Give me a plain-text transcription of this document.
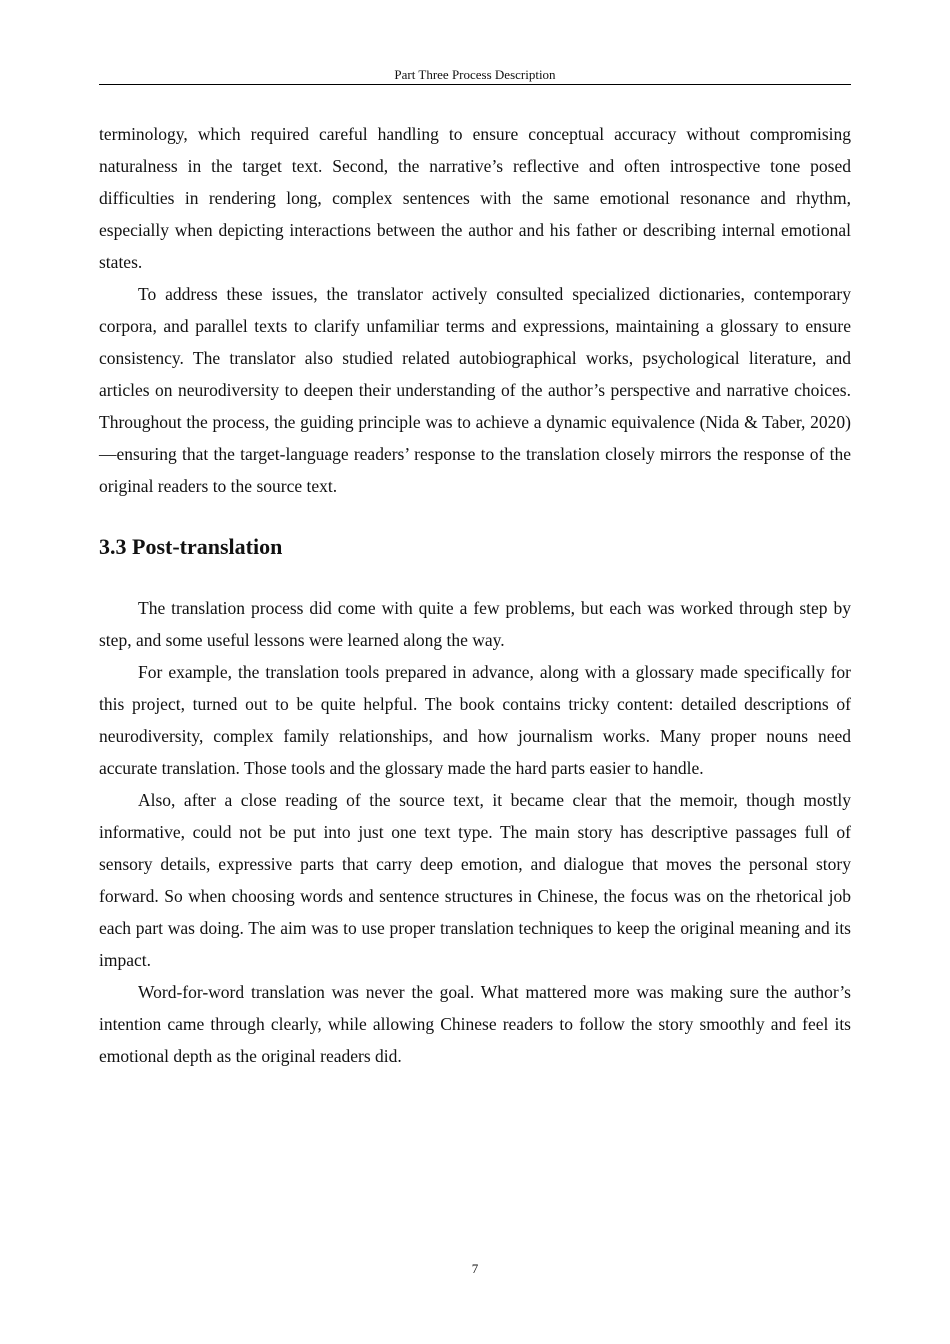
Part Three Process Description

terminology, which required careful handling to ensure conceptual accuracy without compromising naturalness in the target text. Second, the narrative’s reflective and often introspective tone posed difficulties in rendering long, complex sentences with the same emotional resonance and rhythm, especially when depicting interactions between the author and his father or describing internal emotional states.

To address these issues, the translator actively consulted specialized dictionaries, contemporary corpora, and parallel texts to clarify unfamiliar terms and expressions, maintaining a glossary to ensure consistency. The translator also studied related autobiographical works, psychological literature, and articles on neurodiversity to deepen their understanding of the author’s perspective and narrative choices. Throughout the process, the guiding principle was to achieve a dynamic equivalence (Nida & Taber, 2020)—ensuring that the target-language readers’ response to the translation closely mirrors the response of the original readers to the source text.

3.3 Post-translation

The translation process did come with quite a few problems, but each was worked through step by step, and some useful lessons were learned along the way.

For example, the translation tools prepared in advance, along with a glossary made specifically for this project, turned out to be quite helpful. The book contains tricky content: detailed descriptions of neurodiversity, complex family relationships, and how journalism works. Many proper nouns need accurate translation. Those tools and the glossary made the hard parts easier to handle.

Also, after a close reading of the source text, it became clear that the memoir, though mostly informative, could not be put into just one text type. The main story has descriptive passages full of sensory details, expressive parts that carry deep emotion, and dialogue that moves the personal story forward. So when choosing words and sentence structures in Chinese, the focus was on the rhetorical job each part was doing. The aim was to use proper translation techniques to keep the original meaning and its impact.

Word-for-word translation was never the goal. What mattered more was making sure the author’s intention came through clearly, while allowing Chinese readers to follow the story smoothly and feel its emotional depth as the original readers did.

7
